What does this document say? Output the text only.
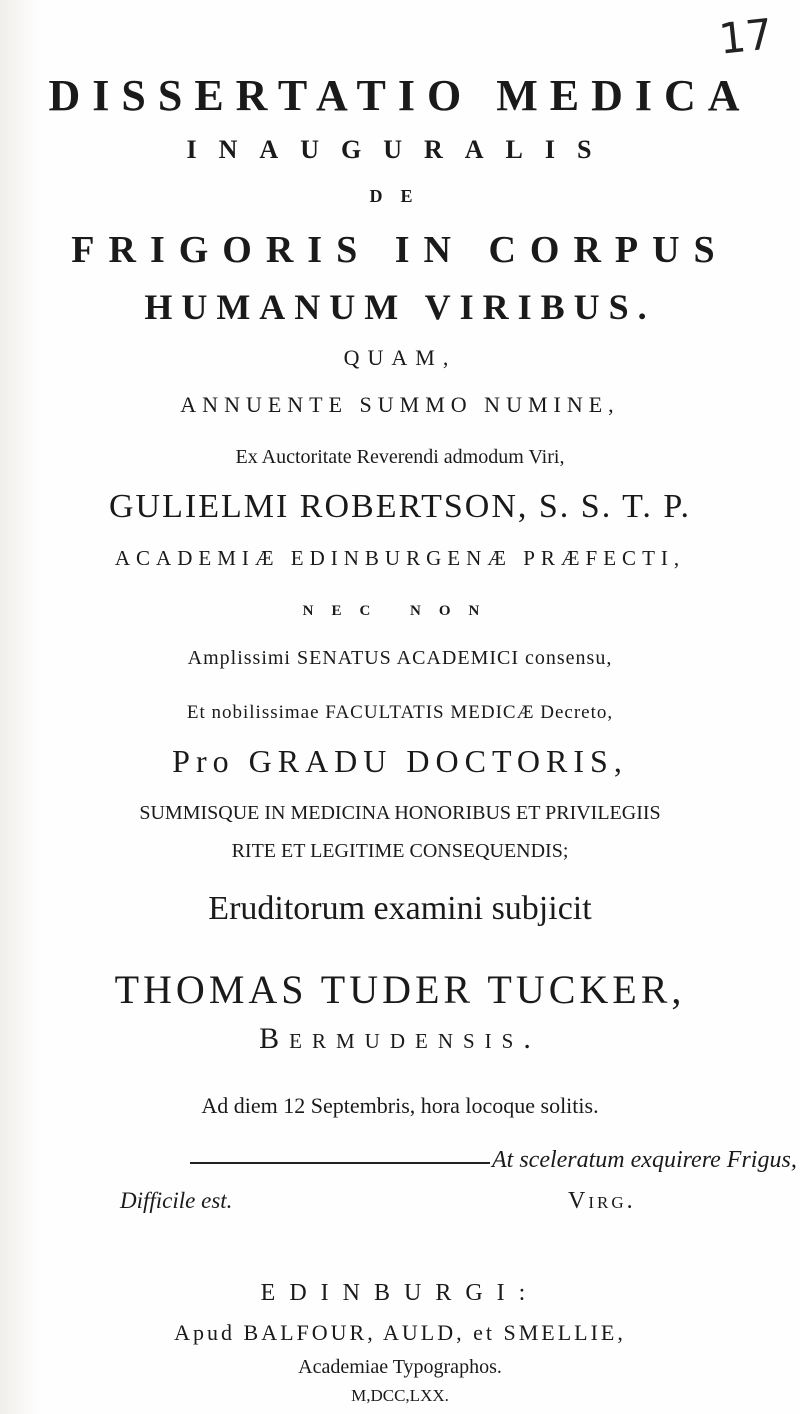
17
DISSERTATIO MEDICA
INAUGURALIS
DE
FRIGORIS IN CORPUS
HUMANUM VIRIBUS.
QUAM,
ANNUENTE SUMMO NUMINE,
Ex Auctoritate Reverendi admodum Viri,
GULIELMI ROBERTSON, S. S. T. P.
ACADEMIÆ EDINBURGENÆ PRÆFECTI,
NEC NON
Amplissimi SENATUS ACADEMICI consensu,
Et nobilissimae FACULTATIS MEDICÆ Decreto,
Pro GRADU DOCTORIS,
SUMMISQUE IN MEDICINA HONORIBUS ET PRIVILEGIIS
RITE ET LEGITIME CONSEQUENDIS;
Eruditorum examini subjicit
THOMAS TUDER TUCKER,
Bermudensis.
Ad diem 12 Septembris, hora locoque solitis.
At sceleratum exquirere Frigus,
Difficile est.	Virg.
EDINBURGI:
Apud BALFOUR, AULD, et SMELLIE,
Academiae Typographos.
M,DCC,LXX.
